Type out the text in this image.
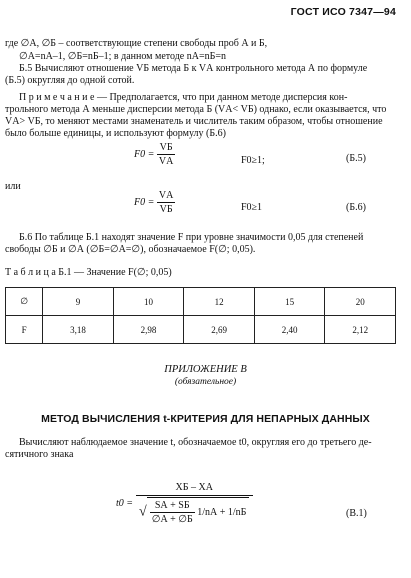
ГОСТ ИСО 7347—94
где ∅А, ∅Б – соответствующие степени свободы проб А и Б,
∅А=nА–1, ∅Б=nБ–1; в данном методе nА=nБ=n
Б.5 Вычисляют отношение VБ метода Б к VА контрольного метода А по формуле
(Б.5) округляя до одной сотой.
П р и м е ч а н и е — Предполагается, что при данном методе дисперсия кон-
трольного метода А меньше дисперсии метода Б (VА< VБ) однако, если оказывается, что
VА> VБ, то меняют местами знаменатель и числитель таким образом, чтобы отношение
было больше единицы, и используют формулу (Б.6)
$F0 = \frac{VБ}{VА}$	F0≥1;	(Б.5)
или
$F0 = \frac{VА}{VБ}$	F0≥1	(Б.6)
Б.6 По таблице Б.1 находят значение F при уровне значимости 0,05 для степеней
свободы ∅Б и ∅А (∅Б=∅А=∅), обозначаемое F(∅; 0,05).
Т а б л и ц а Б.1 — Значение F(∅; 0,05)
∅	9	10	12	15	20
F	3,18	2,98	2,69	2,40	2,12
ПРИЛОЖЕНИЕ В
(обязательное)
МЕТОД ВЫЧИСЛЕНИЯ t-КРИТЕРИЯ ДЛЯ НЕПАРНЫХ ДАННЫХ
Вычисляют наблюдаемое значение t, обозначаемое t0, округляя его до третьего де-
сятичного знака
t0 =
XБ – XА
√ $\frac{SА + SБ}{\emptyset А + \emptyset Б} 1/nА + 1/nБ$	(В.1)
